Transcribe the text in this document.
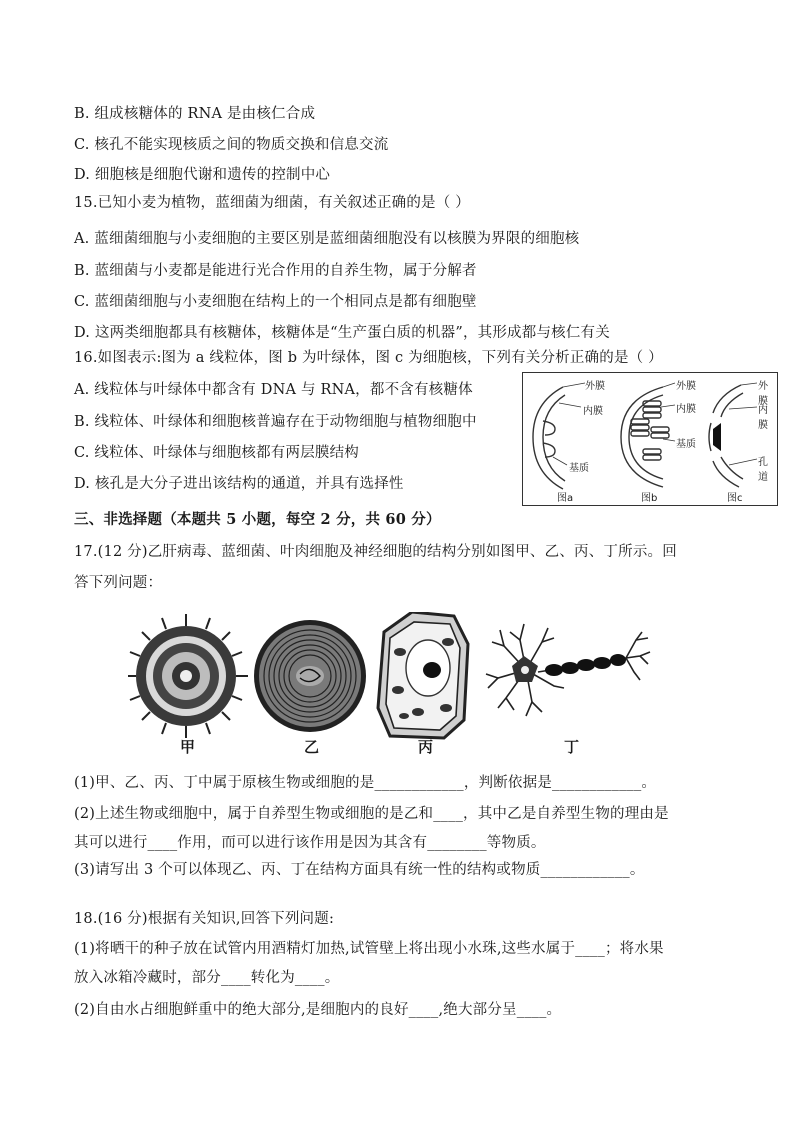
B. 组成核糖体的 RNA 是由核仁合成
C. 核孔不能实现核质之间的物质交换和信息交流
D. 细胞核是细胞代谢和遗传的控制中心
15.已知小麦为植物，蓝细菌为细菌，有关叙述正确的是（ ）
A. 蓝细菌细胞与小麦细胞的主要区别是蓝细菌细胞没有以核膜为界限的细胞核
B. 蓝细菌与小麦都是能进行光合作用的自养生物，属于分解者
C. 蓝细菌细胞与小麦细胞在结构上的一个相同点是都有细胞壁
D. 这两类细胞都具有核糖体，核糖体是“生产蛋白质的机器”，其形成都与核仁有关
16.如图表示:图为 a 线粒体，图 b 为叶绿体，图 c 为细胞核，下列有关分析正确的是（ ）
A. 线粒体与叶绿体中都含有 DNA 与 RNA，都不含有核糖体
B. 线粒体、叶绿体和细胞核普遍存在于动物细胞与植物细胞中
C. 线粒体、叶绿体与细胞核都有两层膜结构
D. 核孔是大分子进出该结构的通道，并具有选择性
外膜
内膜
基质
外膜
内膜
基质
外膜
内膜
孔道
图a	图b	图c
三、非选择题（本题共 5 小题，每空 2 分，共 60 分）
17.(12 分)乙肝病毒、蓝细菌、叶肉细胞及神经细胞的结构分别如图甲、乙、丙、丁所示。回
答下列问题：
甲	乙	丙	丁
(1)甲、乙、丙、丁中属于原核生物或细胞的是____________，判断依据是____________。
(2)上述生物或细胞中，属于自养型生物或细胞的是乙和____，其中乙是自养型生物的理由是
其可以进行____作用，而可以进行该作用是因为其含有________等物质。
(3)请写出 3 个可以体现乙、丙、丁在结构方面具有统一性的结构或物质____________。
18.(16 分)根据有关知识,回答下列问题:
(1)将晒干的种子放在试管内用酒精灯加热,试管壁上将出现小水珠,这些水属于____；将水果
放入冰箱冷藏时，部分____转化为____。
(2)自由水占细胞鲜重中的绝大部分,是细胞内的良好____,绝大部分呈____。
